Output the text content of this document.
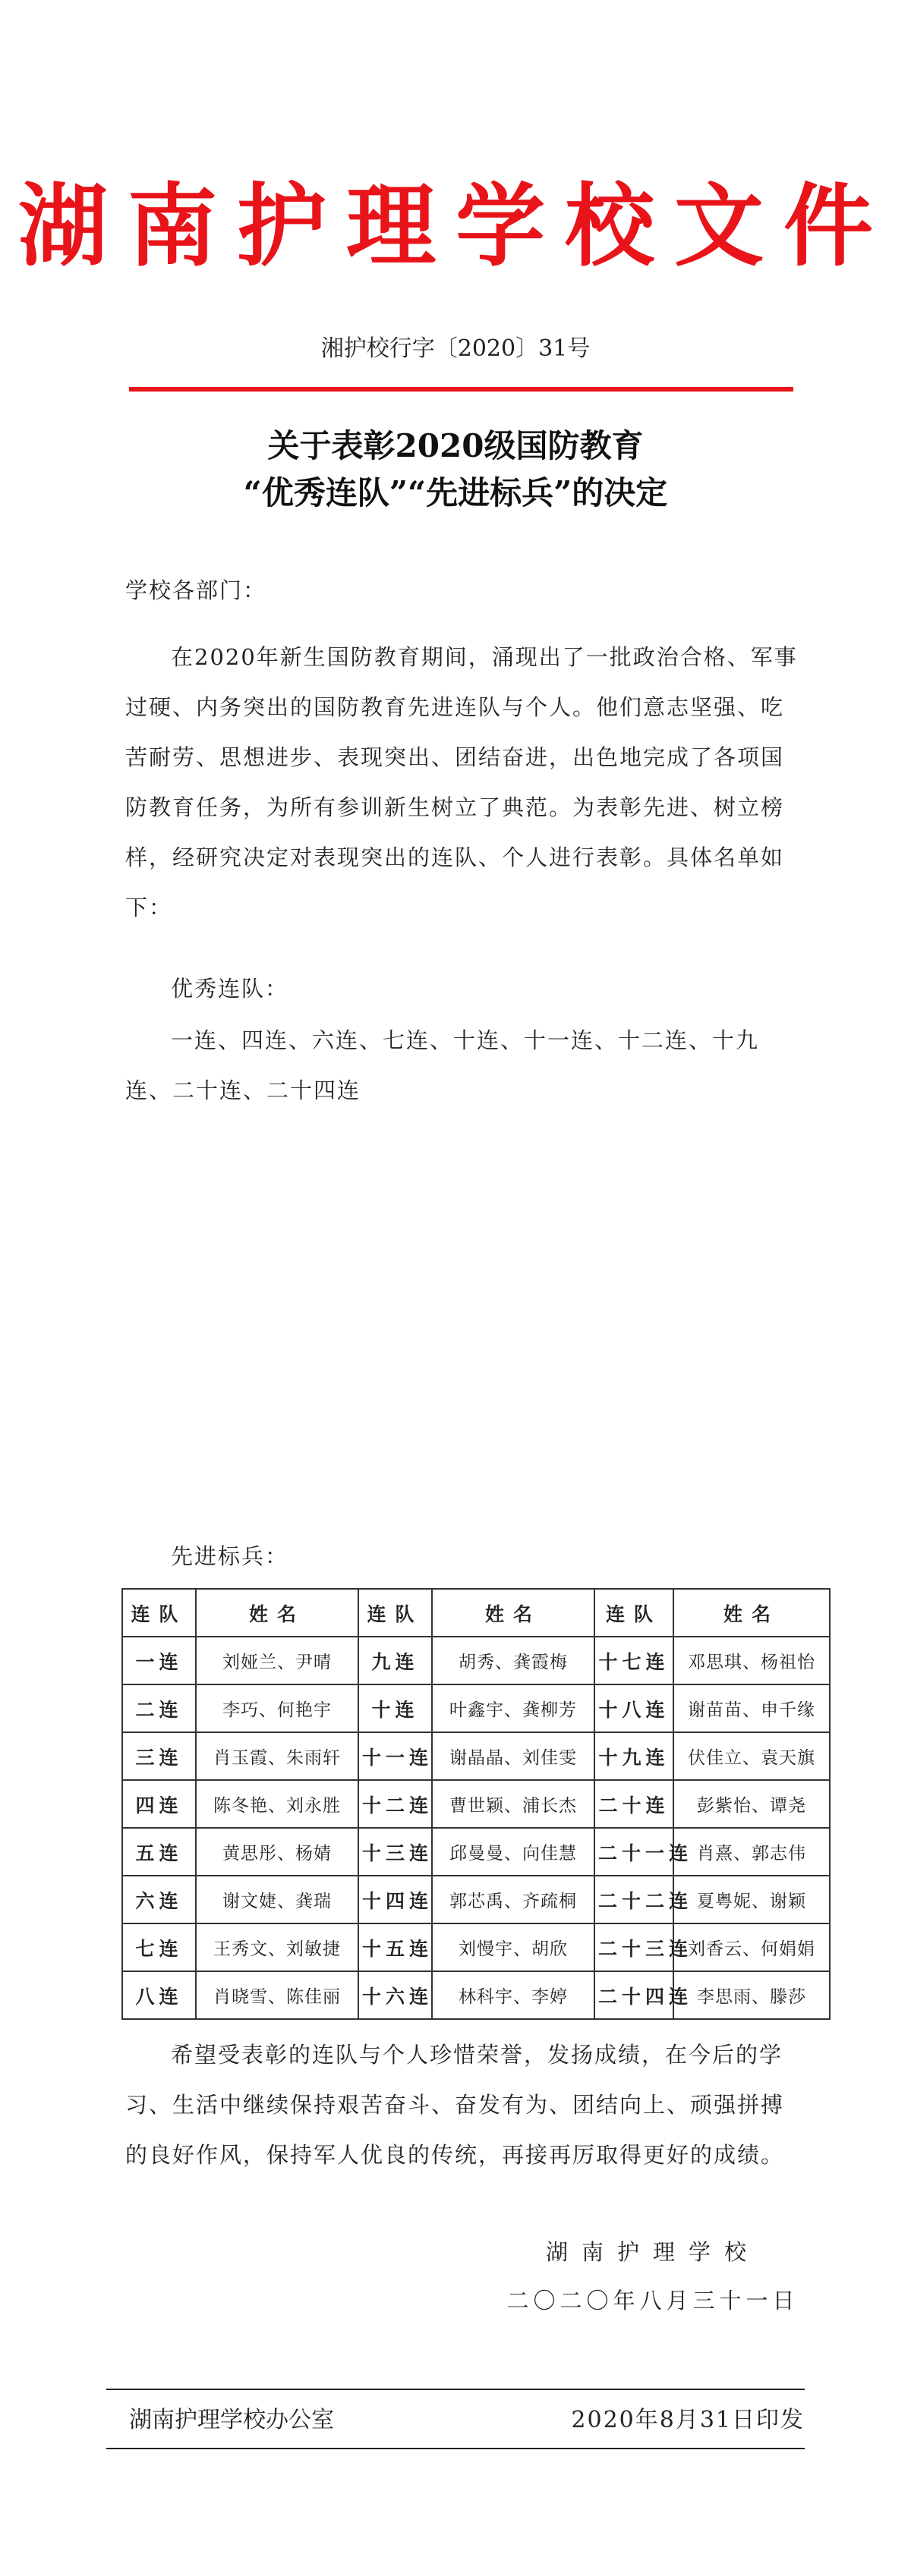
湖南护理学校文件
湘护校行字〔2020〕31号
关于表彰2020级国防教育
“优秀连队”“先进标兵”的决定
学校各部门：
在2020年新生国防教育期间，涌现出了一批政治合格、军事过硬、内务突出的国防教育先进连队与个人。他们意志坚强、吃苦耐劳、思想进步、表现突出、团结奋进，出色地完成了各项国防教育任务，为所有参训新生树立了典范。为表彰先进、树立榜样，经研究决定对表现突出的连队、个人进行表彰。具体名单如下：
优秀连队：
一连、四连、六连、七连、十连、十一连、十二连、十九连、二十连、二十四连
先进标兵：
连队	姓名	连队	姓名	连队	姓名
一连	刘娅兰、尹晴	九连	胡秀、龚霞梅	十七连	邓思琪、杨祖怡
二连	李巧、何艳宇	十连	叶鑫宇、龚柳芳	十八连	谢苗苗、申千缘
三连	肖玉霞、朱雨轩	十一连	谢晶晶、刘佳雯	十九连	伏佳立、袁天旗
四连	陈冬艳、刘永胜	十二连	曹世颖、浦长杰	二十连	彭紫怡、谭尧
五连	黄思彤、杨婧	十三连	邱曼曼、向佳慧	二十一连	肖熹、郭志伟
六连	谢文婕、龚瑞	十四连	郭芯禹、齐疏桐	二十二连	夏粤妮、谢颖
七连	王秀文、刘敏捷	十五连	刘慢宇、胡欣	二十三连	刘香云、何娟娟
八连	肖晓雪、陈佳丽	十六连	林科宇、李婷	二十四连	李思雨、滕莎
希望受表彰的连队与个人珍惜荣誉，发扬成绩，在今后的学习、生活中继续保持艰苦奋斗、奋发有为、团结向上、顽强拼搏的良好作风，保持军人优良的传统，再接再厉取得更好的成绩。
湖南护理学校
二〇二〇年八月三十一日
湖南护理学校办公室	2020年8月31日印发
